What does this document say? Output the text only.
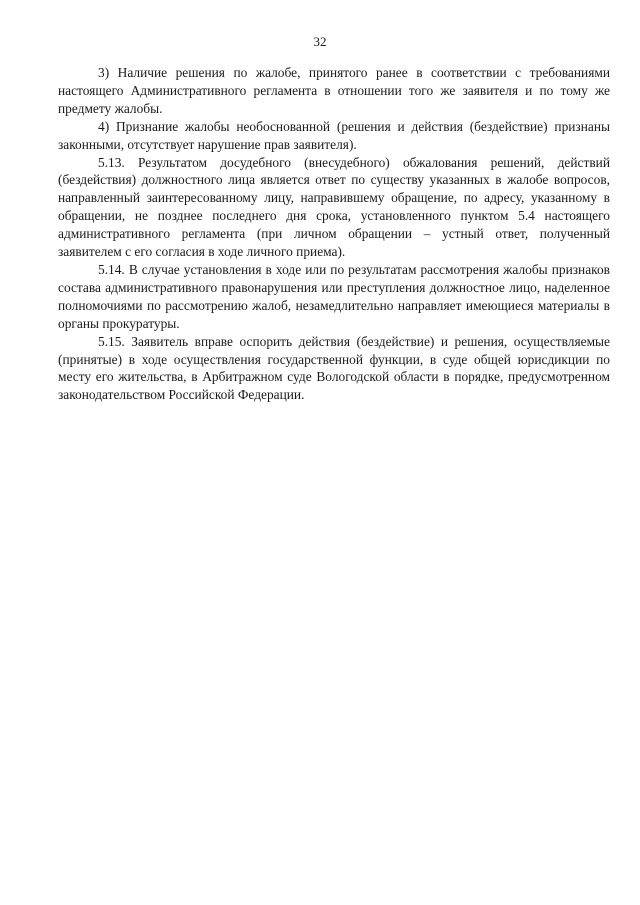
32

3) Наличие решения по жалобе, принятого ранее в соответствии с требованиями настоящего Административного регламента в отношении того же заявителя и по тому же предмету жалобы.

4) Признание жалобы необоснованной (решения и действия (бездействие) признаны законными, отсутствует нарушение прав заявителя).

5.13. Результатом досудебного (внесудебного) обжалования решений, действий (бездействия) должностного лица является ответ по существу указанных в жалобе вопросов, направленный заинтересованному лицу, направившему обращение, по адресу, указанному в обращении, не позднее последнего дня срока, установленного пунктом 5.4 настоящего административного регламента (при личном обращении – устный ответ, полученный заявителем с его согласия в ходе личного приема).

5.14. В случае установления в ходе или по результатам рассмотрения жалобы признаков состава административного правонарушения или преступления должностное лицо, наделенное полномочиями по рассмотрению жалоб, незамедлительно направляет имеющиеся материалы в органы прокуратуры.

5.15. Заявитель вправе оспорить действия (бездействие) и решения, осуществляемые (принятые) в ходе осуществления государственной функции, в суде общей юрисдикции по месту его жительства, в Арбитражном суде Вологодской области в порядке, предусмотренном законодательством Российской Федерации.
